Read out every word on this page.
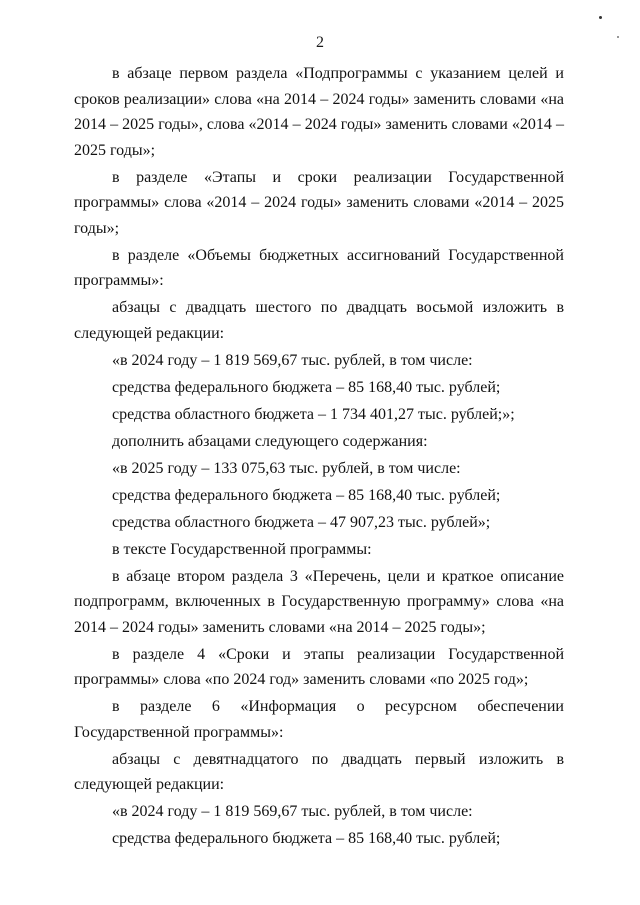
2

в абзаце первом раздела «Подпрограммы с указанием целей и сроков реализации» слова «на 2014 – 2024 годы» заменить словами «на 2014 – 2025 годы», слова «2014 – 2024 годы» заменить словами «2014 – 2025 годы»;

в разделе «Этапы и сроки реализации Государственной программы» слова «2014 – 2024 годы» заменить словами «2014 – 2025 годы»;

в разделе «Объемы бюджетных ассигнований Государственной программы»:

абзацы с двадцать шестого по двадцать восьмой изложить в следующей редакции:

«в 2024 году – 1 819 569,67 тыс. рублей, в том числе:

средства федерального бюджета – 85 168,40 тыс. рублей;

средства областного бюджета – 1 734 401,27 тыс. рублей;»;

дополнить абзацами следующего содержания:

«в 2025 году – 133 075,63 тыс. рублей, в том числе:

средства федерального бюджета – 85 168,40 тыс. рублей;

средства областного бюджета – 47 907,23 тыс. рублей»;

в тексте Государственной программы:

в абзаце втором раздела 3 «Перечень, цели и краткое описание подпрограмм, включенных в Государственную программу» слова «на 2014 – 2024 годы» заменить словами «на 2014 – 2025 годы»;

в разделе 4 «Сроки и этапы реализации Государственной программы» слова «по 2024 год» заменить словами «по 2025 год»;

в разделе 6 «Информация о ресурсном обеспечении Государственной программы»:

абзацы с девятнадцатого по двадцать первый изложить в следующей редакции:

«в 2024 году – 1 819 569,67 тыс. рублей, в том числе:

средства федерального бюджета – 85 168,40 тыс. рублей;
